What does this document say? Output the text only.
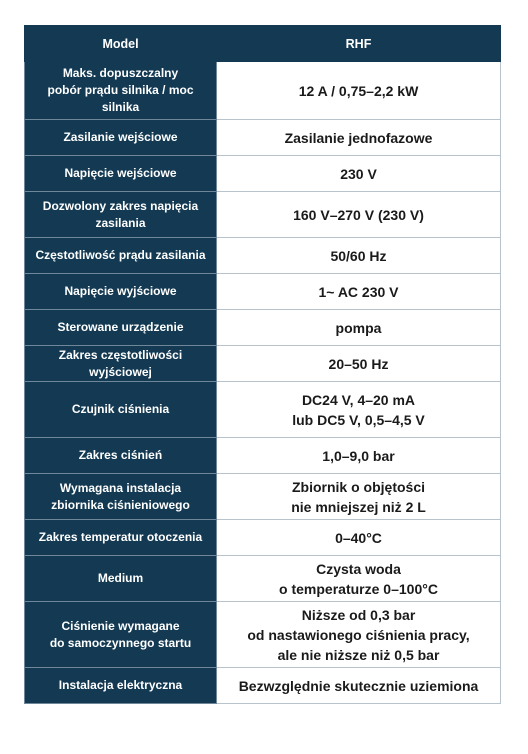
Model	RHF

Maks. dopuszczalny
pobór prądu silnika / moc silnika	12 A / 0,75–2,2 kW

Zasilanie wejściowe	Zasilanie jednofazowe

Napięcie wejściowe	230 V

Dozwolony zakres napięcia
zasilania	160 V–270 V (230 V)

Częstotliwość prądu zasilania	50/60 Hz

Napięcie wyjściowe	1~ AC 230 V

Sterowane urządzenie	pompa

Zakres częstotliwości wyjściowej	20–50 Hz

Czujnik ciśnienia	DC24 V, 4–20 mA
lub DC5 V, 0,5–4,5 V

Zakres ciśnień	1,0–9,0 bar

Wymagana instalacja
zbiornika ciśnieniowego	Zbiornik o objętości
nie mniejszej niż 2 L

Zakres temperatur otoczenia	0–40°C

Medium	Czysta woda
o temperaturze 0–100°C

Ciśnienie wymagane
do samoczynnego startu	Niższe od 0,3 bar
od nastawionego ciśnienia pracy,
ale nie niższe niż 0,5 bar

Instalacja elektryczna	Bezwzględnie skutecznie uziemiona
